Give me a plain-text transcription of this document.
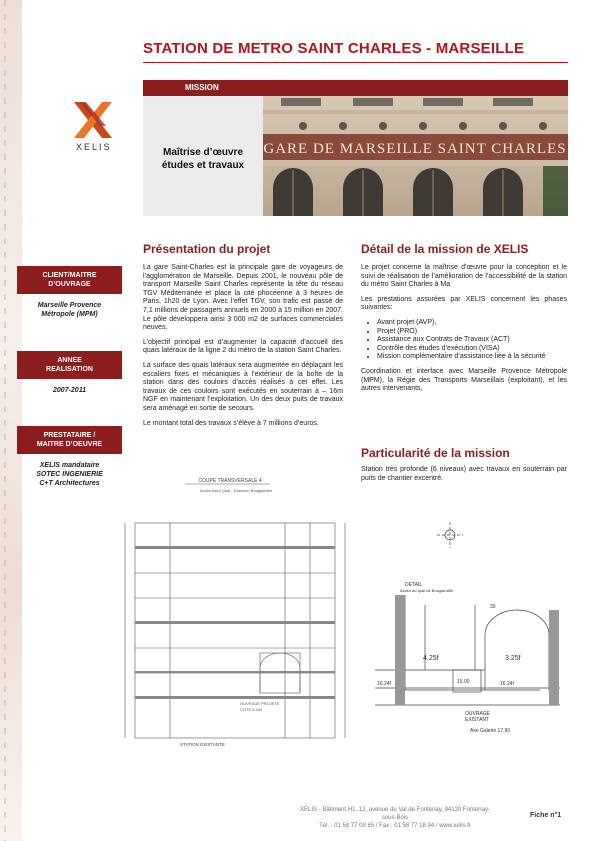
STATION DE METRO SAINT CHARLES - MARSEILLE
XELIS
MISSION
Maîtrise d’œuvre
études et travaux
GARE DE MARSEILLE SAINT CHARLES
CLIENT/MAITRE
D’OUVRAGE
Marseille Provence
Métropole (MPM)
ANNEE
REALISATION
2007-2011
PRESTATAIRE /
MAITRE D’OEUVRE
XELIS mandataire
SOTEC INGENIERIE
C+T Architectures
Présentation du projet

La gare Saint-Charles est la principale gare de voyageurs de l’agglomération de Marseille. Depuis 2001, le nouveau pôle de transport Marseille Saint Charles représente la tête du réseau TGV Méditerranée et place la cité phocéenne à 3 heures de Paris, 1h20 de Lyon. Avec l’effet TGV, son trafic est passé de 7,1 millions de passagers annuels en 2000 à 15 million en 2007. Le pôle développera ainsi 3 000 m2 de surfaces commerciales neuves.

L’objectif principal est d’augmenter la capacité d’accueil des quais latéraux de la ligne 2 du métro de la station Saint Charles.

La surface des quais latéraux sera augmentée en déplaçant les escaliers fixes et mécaniques à l’extérieur de la boîte de la station dans des couloirs d’accès réalisés à cet effet. Les travaux de ces couloirs sont exécutés en souterrain à – 16m NGF en maintenant l’exploitation. Un des deux puits de travaux sera aménagé en sortie de secours.

Le montant total des travaux s’élève à 7 millions d’euros.

Détail de la mission de XELIS

Le projet concerne la maîtrise d’œuvre pour la conception et le suivi de réalisation de l’amélioration de l’accessibilité de la station du métro Saint Charles à Ma

Les prestations assurées par XELIS concernent les phases suivantes:

• Avant projet (AVP),
• Projet (PRO)
• Assistance aux Contrats de Travaux (ACT)
• Contrôle des études d’exécution (VISA)
• Mission complémentaire d’assistance liée à la sécurité

Coordination et interface avec Marseille Provence Métropole (MPM), la Régie des Transports Marseillais (exploitant), et les autres intervenants,

Particularité de la mission

Station très profonde (6 niveaux) avec travaux en souterrain par puits de chantier excentré.

COUPE TRANSVERSALE 4
Accès Nord Quai - Direction Bougainville
OUVRAGE PROJETE
COTE 6.442
STATION EXISTANTE
DETAIL
Accès au quai de Bougainville
4.25f	3.25f
16.24f	16.24f
15.00
30
OUVRAGE
EXISTANT
Axe Galerie 17.90
XELIS - Bâtiment H1, 12, avenue du Val de Fontenay, 94120 Fontenay-sous-Bois
Tél. : 01 58 77 08 65 / Fax : 01 58 77 18 94 / www.xelis.fr
Fiche n°1
